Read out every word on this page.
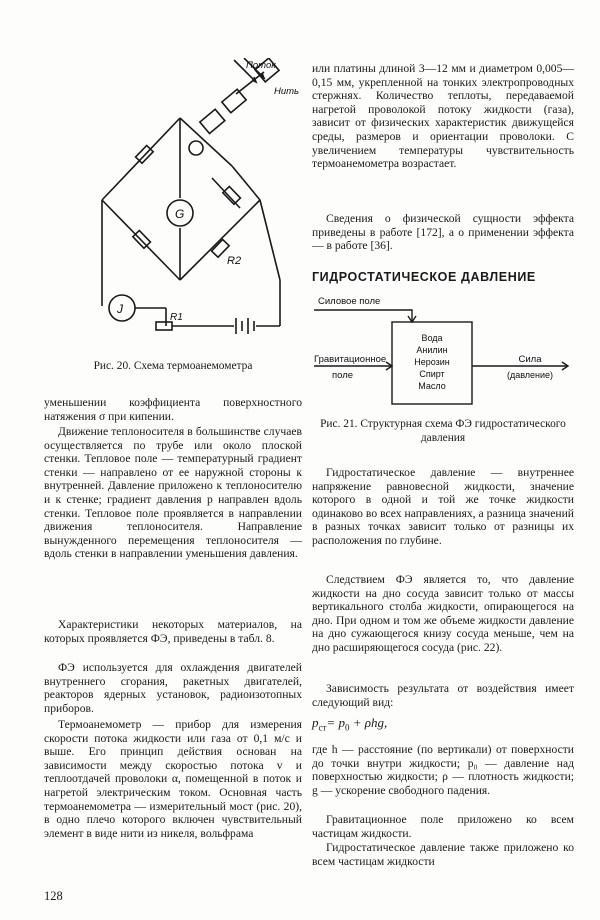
G
J
R2
R1
Поток
Нить

Рис. 20. Схема термоанемометра

уменьшении коэффициента поверхностного натяжения σ при кипении.

Движение теплоносителя в большинстве случаев осуществляется по трубе или около плоской стенки. Тепловое поле — температурный градиент стенки — направлено от ее наружной стороны к внутренней. Давление приложено к теплоносителю и к стенке; градиент давления p направлен вдоль стенки. Тепловое поле проявляется в направлении движения теплоносителя. Направление вынужденного перемещения теплоносителя — вдоль стенки в направлении уменьшения давления.

Характеристики некоторых материалов, на которых проявляется ФЭ, приведены в табл. 8.

ФЭ используется для охлаждения двигателей внутреннего сгорания, ракетных двигателей, реакторов ядерных установок, радиоизотопных приборов.

Термоанемометр — прибор для измерения скорости потока жидкости или газа от 0,1 м/с и выше. Его принцип действия основан на зависимости между скоростью потока v и теплоотдачей проволоки α, помещенной в поток и нагретой электрическим током. Основная часть термоанемометра — измерительный мост (рис. 20), в одно плечо которого включен чувствительный элемент в виде нити из никеля, вольфрама

или платины длиной 3—12 мм и диаметром 0,005—0,15 мм, укрепленной на тонких электропроводных стержнях. Количество теплоты, передаваемой нагретой проволокой потоку жидкости (газа), зависит от физических характеристик движущейся среды, размеров и ориентации проволоки. С увеличением температуры чувствительность термоанемометра возрастает.

Сведения о физической сущности эффекта приведены в работе [172], а о применении эффекта — в работе [36].

ГИДРОСТАТИЧЕСКОЕ ДАВЛЕНИЕ

Силовое поле
Гравитационное
поле
Вода
Анилин
Нерозин
Спирт
Масло
Сила
(давление)

Рис. 21. Структурная схема ФЭ гидростатического давления

Гидростатическое давление — внутреннее напряжение равновесной жидкости, значение которого в одной и той же точке жидкости одинаково во всех направлениях, а разница значений в разных точках зависит только от разницы их расположения по глубине.

Следствием ФЭ является то, что давление жидкости на дно сосуда зависит только от массы вертикального столба жидкости, опирающегося на дно. При одном и том же объеме жидкости давление на дно сужающегося книзу сосуда меньше, чем на дно расширяющегося сосуда (рис. 22).

Зависимость результата от воздействия имеет следующий вид:

$p_{ст}= p_0 + \rho hg$,

где h — расстояние (по вертикали) от поверхности до точки внутри жидкости; p₀ — давление над поверхностью жидкости; ρ — плотность жидкости; g — ускорение свободного падения.

Гравитационное поле приложено ко всем частицам жидкости.

Гидростатическое давление также приложено ко всем частицам жидкости

128
